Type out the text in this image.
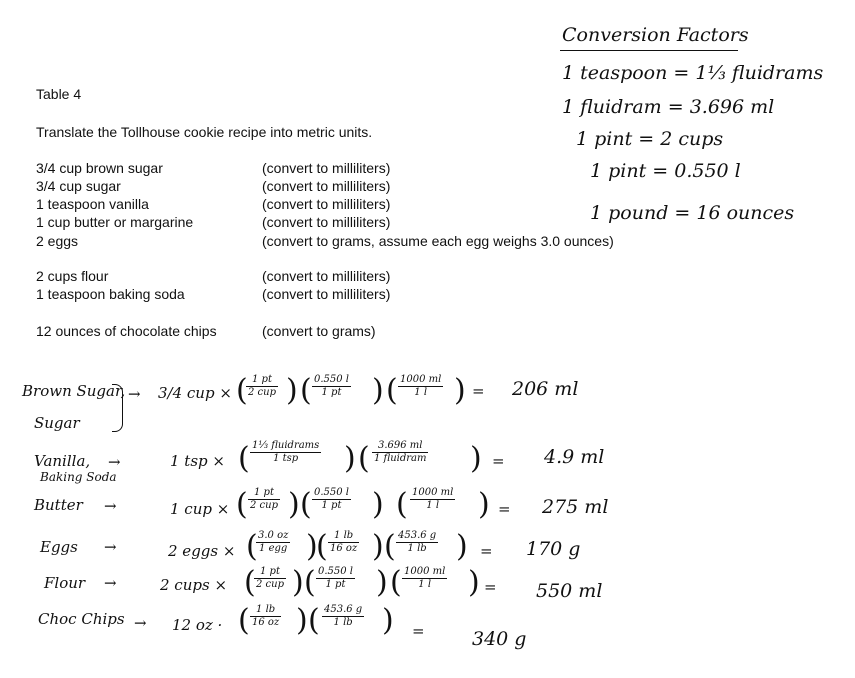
Table 4
Translate the Tollhouse cookie recipe into metric units.
3/4 cup brown sugar	(convert to milliliters)
3/4 cup sugar	(convert to milliliters)
1 teaspoon vanilla	(convert to milliliters)
1 cup butter or margarine	(convert to milliliters)
2 eggs	(convert to grams, assume each egg weighs 3.0 ounces)
2 cups flour	(convert to milliliters)
1 teaspoon baking soda	(convert to milliliters)
12 ounces of chocolate chips	(convert to grams)
Conversion Factors
1 teaspoon = 1⅓ fluidrams
1 fluidram = 3.696 ml
1 pint = 2 cups
1 pint = 0.550 l
1 pound = 16 ounces
Brown Sugar,
Sugar
→ 3/4 cup × ( 1 pt
2 cup ) ( $\frac{0.550 l}{1 pt}$ ) ( $\frac{1000 ml}{1 l}$ ) = 206 ml
Vanilla,
Baking Soda
→	1 tsp × ( 1⅓ fluidrams
1 tsp	) ( 3.696 ml
1 fluidram ) = 4.9 ml
Butter →	1 cup × ( 1 pt
2 cup ) ( $\frac{0.550 l}{1 pt}$ ) ( $\frac{1000 ml}{1 l}$ ) = 275 ml
Eggs →	2 eggs × ( 3.0 oz
1 egg )
( $\frac{1 lb}{16 oz}$ ) ( $\frac{453.6 g}{1 lb}$ ) = 170 g
Flour →	2 cups × ( 1 pt
2 cup ) ( $\frac{0.550 l}{1 pt}$ ) ( $\frac{1000 ml}{1 l}$ ) = 550 ml
Choc Chips → 12 oz · ( $\frac{1 lb}{16 oz}$ ) ( $\frac{453.6 g}{1 lb}$ ) = 340 g
